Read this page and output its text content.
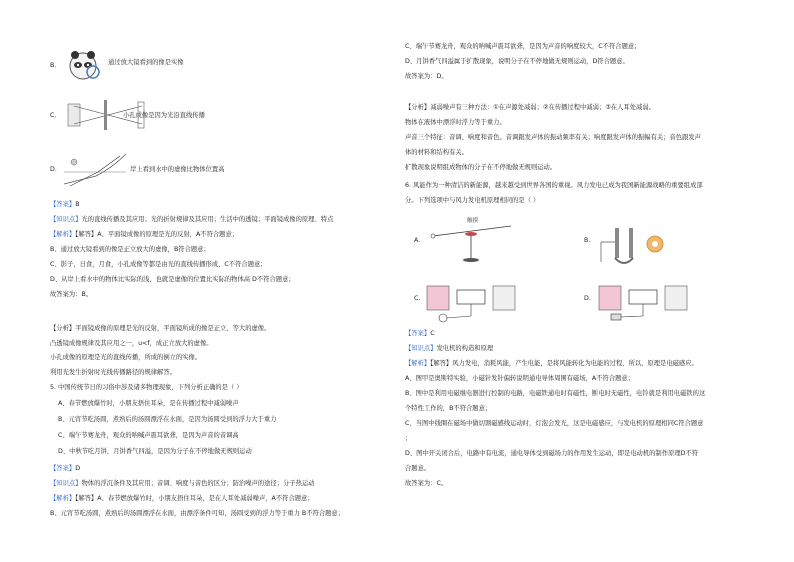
B．	通过放大镜看到的像是实像
C．	小孔成像是因为光沿直线传播
D．	岸上看到水中的虚像比物体位置高
【答案】B
【知识点】光的直线传播及其应用；光的折射规律及其应用；生活中的透镜；平面镜成像的原理、特点
【解析】【解答】A、平面镜成像的原理是光的反射，A不符合题意；
B、通过放大镜看到的像是正立放大的虚像，B符合题意；
C、影子，日食，月食，小孔成像等都是由光的直线传播形成，C不符合题意；
D、从岸上看水中的物体比实际的浅，也就是虚像的位置比实际的物体高 D不符合题意；
故答案为：B。
【分析】平面镜成像的原理是光的反射，平面镜所成的像是正立、等大的虚像。
凸透镜成像规律及其应用之一，u<f，成正立放大的虚像。
小孔成像的原理是光的直线传播，所成的倒立的实像。
利用光发生折射时光线传播路径的规律解答。
5. 中国传统节日的习俗中涉及诸多物理现象，下列分析正确的是（ ）
A、春节燃放爆竹时，小朋友捂住耳朵，是在传播过程中减弱噪声
B、元宵节吃汤圆，煮熟后的汤圆漂浮在水面，是因为汤圆受到的浮力大于重力
C、端午节赛龙舟，观众的呐喊声震耳欲聋，是因为声音的音调高
D、中秋节吃月饼，月饼香气四溢，是因为分子在不停地做无规则运动
【答案】D
【知识点】物体的浮沉条件及其应用；音调、响度与音色的区分；防治噪声的途径；分子热运动
【解析】【解答】A、春节燃放爆竹时，小朋友捂住耳朵，是在人耳处减弱噪声，A不符合题意；
B、元宵节吃汤圆，煮熟后的汤圆漂浮在水面，由漂浮条件可知，汤圆受到的浮力等于重力 B不符合题意；
C、端午节赛龙舟，观众的呐喊声震耳欲聋，是因为声音的响度较大，C不符合题意；
D、月饼香气四溢属于扩散现象，说明分子在不停地做无规则运动，D符合题意。
故答案为：D。
【分析】减弱噪声有三种方法：①在声源处减弱；②在传播过程中减弱；③在人耳处减弱。
物体在液体中漂浮时浮力等于重力。
声音三个特征：音调、响度和音色。音调跟发声体的振动频率有关；响度跟发声体的振幅有关；音色跟发声
体的材料和结构有关。
扩散现象说明组成物体的分子在不停地做无规则运动。
6. 风能作为一种清洁的新能源，越来越受到世界各国的重视。风力发电已成为我国新能源战略的重要组成部
分。下列选项中与风力发电机原理相同的是（ ）
A.
触摸
B.
C.	D.
【答案】C
【知识点】发电机的构造和原理
【解析】【解答】风力发电，消耗风能，产生电能，是将风能转化为电能的过程，所以，原理是电磁感应。
A、图甲是奥斯特实验，小磁针发针偏转说明通电导体周围有磁场，A不符合题意；
B、图中是利用电磁继电器进行控制的电路，电磁铁通电时有磁性，断电时无磁性，电铃就是利用电磁铁的这
个特性工作的，B不符合题意；
C、当图中线圈在磁场中做切割磁感线运动时，灯泡会发光，这是电磁感应，与发电机的原理相同C符合题意
；
D、图中开关闭合后，电路中有电流，通电导体受到磁场力的作用发生运动，即是电动机的制作原理D不符
合题意。
故答案为：C。
